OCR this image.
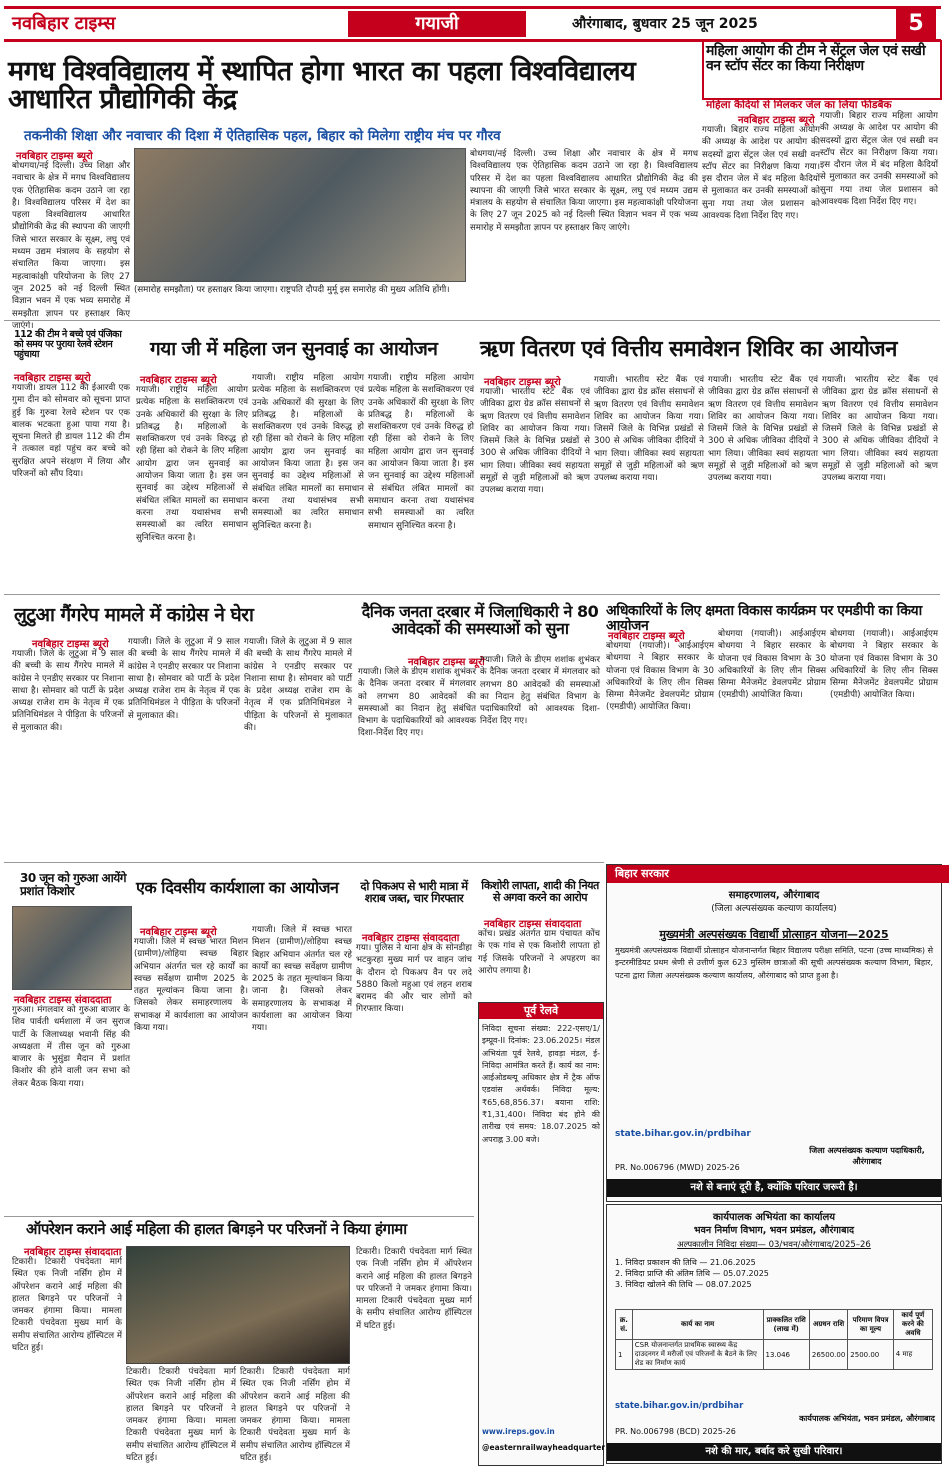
नवबिहार टाइम्स	गयाजी	औरंगाबाद, बुधवार 25 जून 2025	5
मगध विश्वविद्यालय में स्थापित होगा भारत का पहला विश्वविद्यालय आधारित प्रौद्योगिकी केंद्र
तकनीकी शिक्षा और नवाचार की दिशा में ऐतिहासिक पहल, बिहार को मिलेगा राष्ट्रीय मंच पर गौरव
नवबिहार टाइम्स ब्यूरो
बोधगया/नई दिल्ली। उच्च शिक्षा और नवाचार के क्षेत्र में मगध विश्वविद्यालय एक ऐतिहासिक कदम उठाने जा रहा है। विश्वविद्यालय परिसर में देश का पहला विश्वविद्यालय आधारित प्रौद्योगिकी केंद्र की स्थापना की जाएगी जिसे भारत सरकार के सूक्ष्म, लघु एवं मध्यम उद्यम मंत्रालय के सहयोग से संचालित किया जाएगा। इस महत्वाकांक्षी परियोजना के लिए 27 जून 2025 को नई दिल्ली स्थित विज्ञान भवन में एक भव्य समारोह में समझौता ज्ञापन पर हस्ताक्षर किए जाएंगे।
(समारोह समझौता) पर हस्ताक्षर किया जाएगा। राष्ट्रपति दौपदी मुर्मू इस समारोह की मुख्य अतिथि होंगी।
बोधगया/नई दिल्ली। उच्च शिक्षा और नवाचार के क्षेत्र में मगध विश्वविद्यालय एक ऐतिहासिक कदम उठाने जा रहा है। विश्वविद्यालय परिसर में देश का पहला विश्वविद्यालय आधारित प्रौद्योगिकी केंद्र की स्थापना की जाएगी जिसे भारत सरकार के सूक्ष्म, लघु एवं मध्यम उद्यम मंत्रालय के सहयोग से संचालित किया जाएगा। इस महत्वाकांक्षी परियोजना के लिए 27 जून 2025 को नई दिल्ली स्थित विज्ञान भवन में एक भव्य समारोह में समझौता ज्ञापन पर हस्ताक्षर किए जाएंगे।
महिला आयोग की टीम ने सेंट्रल जेल एवं सखी वन स्टॉप सेंटर का किया निरीक्षण
महिला कैदियों से मिलकर जेल का लिया फीडबैक
नवबिहार टाइम्स ब्यूरो
गयाजी। बिहार राज्य महिला आयोग की अध्यक्ष के आदेश पर आयोग की सदस्यों द्वारा सेंट्रल जेल एवं सखी वन स्टॉप सेंटर का निरीक्षण किया गया। इस दौरान जेल में बंद महिला कैदियों से मुलाकात कर उनकी समस्याओं को सुना गया तथा जेल प्रशासन को आवश्यक दिशा निर्देश दिए गए।
गयाजी। बिहार राज्य महिला आयोग की अध्यक्ष के आदेश पर आयोग की सदस्यों द्वारा सेंट्रल जेल एवं सखी वन स्टॉप सेंटर का निरीक्षण किया गया। इस दौरान जेल में बंद महिला कैदियों से मुलाकात कर उनकी समस्याओं को सुना गया तथा जेल प्रशासन को आवश्यक दिशा निर्देश दिए गए।
112 की टीम ने बच्चे एवं पंजिका को समय पर पुराया रेलवे स्टेशन पहुंचाया
नवबिहार टाइम्स ब्यूरो
गयाजी। डायल 112 की ईआरवी एक गुमा दीन को सोमवार को सूचना प्राप्त हुई कि गुरुवा रेलवे स्टेशन पर एक बालक भटकता हुआ पाया गया है। सूचना मिलते ही डायल 112 की टीम ने तत्काल वहां पहुंच कर बच्चे को सुरक्षित अपने संरक्षण में लिया और परिजनों को सौंप दिया।
गया जी में महिला जन सुनवाई का आयोजन
नवबिहार टाइम्स ब्यूरो
गयाजी। राष्ट्रीय महिला आयोग प्रत्येक महिला के सशक्तिकरण एवं उनके अधिकारों की सुरक्षा के लिए प्रतिबद्ध है। महिलाओं के सशक्तिकरण एवं उनके विरुद्ध हो रही हिंसा को रोकने के लिए महिला आयोग द्वारा जन सुनवाई का आयोजन किया जाता है। इस जन सुनवाई का उद्देश्य महिलाओं से संबंधित लंबित मामलों का समाधान करना तथा यथासंभव सभी समस्याओं का त्वरित समाधान सुनिश्चित करना है।
गयाजी। राष्ट्रीय महिला आयोग प्रत्येक महिला के सशक्तिकरण एवं उनके अधिकारों की सुरक्षा के लिए प्रतिबद्ध है। महिलाओं के सशक्तिकरण एवं उनके विरुद्ध हो रही हिंसा को रोकने के लिए महिला आयोग द्वारा जन सुनवाई का आयोजन किया जाता है। इस जन सुनवाई का उद्देश्य महिलाओं से संबंधित लंबित मामलों का समाधान करना तथा यथासंभव सभी समस्याओं का त्वरित समाधान सुनिश्चित करना है।
गयाजी। राष्ट्रीय महिला आयोग प्रत्येक महिला के सशक्तिकरण एवं उनके अधिकारों की सुरक्षा के लिए प्रतिबद्ध है। महिलाओं के सशक्तिकरण एवं उनके विरुद्ध हो रही हिंसा को रोकने के लिए महिला आयोग द्वारा जन सुनवाई का आयोजन किया जाता है। इस जन सुनवाई का उद्देश्य महिलाओं से संबंधित लंबित मामलों का समाधान करना तथा यथासंभव सभी समस्याओं का त्वरित समाधान सुनिश्चित करना है।
ऋण वितरण एवं वित्तीय समावेशन शिविर का आयोजन
नवबिहार टाइम्स ब्यूरो
गयाजी। भारतीय स्टेट बैंक एवं जीविका द्वारा ग्रेड क्रॉस संसाधनों से ऋण वितरण एवं वित्तीय समावेशन शिविर का आयोजन किया गया। जिसमें जिले के विभिन्न प्रखंडों से 300 से अधिक जीविका दीदियों ने भाग लिया। जीविका स्वयं सहायता समूहों से जुड़ी महिलाओं को ऋण उपलब्ध कराया गया।
गयाजी। भारतीय स्टेट बैंक एवं जीविका द्वारा ग्रेड क्रॉस संसाधनों से ऋण वितरण एवं वित्तीय समावेशन शिविर का आयोजन किया गया। जिसमें जिले के विभिन्न प्रखंडों से 300 से अधिक जीविका दीदियों ने भाग लिया। जीविका स्वयं सहायता समूहों से जुड़ी महिलाओं को ऋण उपलब्ध कराया गया।
गयाजी। भारतीय स्टेट बैंक एवं जीविका द्वारा ग्रेड क्रॉस संसाधनों से ऋण वितरण एवं वित्तीय समावेशन शिविर का आयोजन किया गया। जिसमें जिले के विभिन्न प्रखंडों से 300 से अधिक जीविका दीदियों ने भाग लिया। जीविका स्वयं सहायता समूहों से जुड़ी महिलाओं को ऋण उपलब्ध कराया गया।
गयाजी। भारतीय स्टेट बैंक एवं जीविका द्वारा ग्रेड क्रॉस संसाधनों से ऋण वितरण एवं वित्तीय समावेशन शिविर का आयोजन किया गया। जिसमें जिले के विभिन्न प्रखंडों से 300 से अधिक जीविका दीदियों ने भाग लिया। जीविका स्वयं सहायता समूहों से जुड़ी महिलाओं को ऋण उपलब्ध कराया गया।
लुटुआ गैंगरेप मामले में कांग्रेस ने घेरा
नवबिहार टाइम्स ब्यूरो
गयाजी। जिले के लुटुआ में 9 साल की बच्ची के साथ गैंगरेप मामले में कांग्रेस ने एनडीए सरकार पर निशाना साधा है। सोमवार को पार्टी के प्रदेश अध्यक्ष राजेश राम के नेतृत्व में एक प्रतिनिधिमंडल ने पीड़िता के परिजनों से मुलाकात की।
गयाजी। जिले के लुटुआ में 9 साल की बच्ची के साथ गैंगरेप मामले में कांग्रेस ने एनडीए सरकार पर निशाना साधा है। सोमवार को पार्टी के प्रदेश अध्यक्ष राजेश राम के नेतृत्व में एक प्रतिनिधिमंडल ने पीड़िता के परिजनों से मुलाकात की।
गयाजी। जिले के लुटुआ में 9 साल की बच्ची के साथ गैंगरेप मामले में कांग्रेस ने एनडीए सरकार पर निशाना साधा है। सोमवार को पार्टी के प्रदेश अध्यक्ष राजेश राम के नेतृत्व में एक प्रतिनिधिमंडल ने पीड़िता के परिजनों से मुलाकात की।
दैनिक जनता दरबार में जिलाधिकारी ने 80 आवेदकों की समस्याओं को सुना
नवबिहार टाइम्स ब्यूरो
गयाजी। जिले के डीएम शशांक शुभंकर के दैनिक जनता दरबार में मंगलवार को लगभग 80 आवेदकों की समस्याओं का निदान हेतु संबंधित विभाग के पदाधिकारियों को आवश्यक दिशा-निर्देश दिए गए।
गयाजी। जिले के डीएम शशांक शुभंकर के दैनिक जनता दरबार में मंगलवार को लगभग 80 आवेदकों की समस्याओं का निदान हेतु संबंधित विभाग के पदाधिकारियों को आवश्यक दिशा-निर्देश दिए गए।
अधिकारियों के लिए क्षमता विकास कार्यक्रम पर एमडीपी का किया आयोजन
नवबिहार टाइम्स ब्यूरो
बोधगया (गयाजी)। आईआईएम बोधगया ने बिहार सरकार के योजना एवं विकास विभाग के 30 अधिकारियों के लिए लीन सिक्स सिग्मा मैनेजमेंट डेवलपमेंट प्रोग्राम (एमडीपी) आयोजित किया।
बोधगया (गयाजी)। आईआईएम बोधगया ने बिहार सरकार के योजना एवं विकास विभाग के 30 अधिकारियों के लिए लीन सिक्स सिग्मा मैनेजमेंट डेवलपमेंट प्रोग्राम (एमडीपी) आयोजित किया।
बोधगया (गयाजी)। आईआईएम बोधगया ने बिहार सरकार के योजना एवं विकास विभाग के 30 अधिकारियों के लिए लीन सिक्स सिग्मा मैनेजमेंट डेवलपमेंट प्रोग्राम (एमडीपी) आयोजित किया।
30 जून को गुरुआ आयेंगे प्रशांत किशोर
नवबिहार टाइम्स संवाददाता
गुरुआ। मंगलवार को गुरुआ बाजार के शिव पार्वती धर्मशाला में जन सुराज पार्टी के जिलाध्यक्ष भवानी सिंह की अध्यक्षता में तीस जून को गुरुआ बाजार के भुसुंडा मैदान में प्रशांत किशोर की होने वाली जन सभा को लेकर बैठक किया गया।
एक दिवसीय कार्यशाला का आयोजन
नवबिहार टाइम्स ब्यूरो
गयाजी। जिले में स्वच्छ भारत मिशन (ग्रामीण)/लोहिया स्वच्छ बिहार अभियान अंतर्गत चल रहे कार्यों का स्वच्छ सर्वेक्षण ग्रामीण 2025 के तहत मूल्यांकन किया जाना है। जिसको लेकर समाहरणालय के सभाकक्ष में कार्यशाला का आयोजन किया गया।
गयाजी। जिले में स्वच्छ भारत मिशन (ग्रामीण)/लोहिया स्वच्छ बिहार अभियान अंतर्गत चल रहे कार्यों का स्वच्छ सर्वेक्षण ग्रामीण 2025 के तहत मूल्यांकन किया जाना है। जिसको लेकर समाहरणालय के सभाकक्ष में कार्यशाला का आयोजन किया गया।
दो पिकअप से भारी मात्रा में शराब जब्त, चार गिरफ्तार
नवबिहार टाइम्स संवाददाता
गया। पुलिस ने थाना क्षेत्र के सोनडीहा भटकुरहा मुख्य मार्ग पर वाहन जांच के दौरान दो पिकअप वैन पर लदे 5880 किलो महुआ एवं लहन शराब बरामद की और चार लोगों को गिरफ्तार किया।
किशोरी लापता, शादी की नियत से अगवा करने का आरोप
नवबिहार टाइम्स संवाददाता
कोंच। प्रखंड अंतर्गत ग्राम पंचायत कोंच के एक गांव से एक किशोरी लापता हो गई जिसके परिजनों ने अपहरण का आरोप लगाया है।
पूर्व रेलवे
निविदा सूचना संख्या: 222-एसए/1/इम्प्रूव-II दिनांक: 23.06.2025। मंडल अभियंता पूर्व रेलवे, हावड़ा मंडल, ई-निविदा आमंत्रित करते हैं। कार्य का नाम: आईओडब्ल्यू अधिकार क्षेत्र में ट्रैक ऑफ एडवांस अर्थवर्क। निविदा मूल्य: ₹65,68,856.37। बयाना राशि: ₹1,31,400। निविदा बंद होने की तारीख एवं समय: 18.07.2025 को अपराह्न 3.00 बजे।
www.ireps.gov.in
@easternrailwayheadquarter
ऑपरेशन कराने आई महिला की हालत बिगड़ने पर परिजनों ने किया हंगामा
नवबिहार टाइम्स संवाददाता
टिकारी। टिकारी पंचदेवता मार्ग स्थित एक निजी नर्सिंग होम में ऑपरेशन कराने आई महिला की हालत बिगड़ने पर परिजनों ने जमकर हंगामा किया। मामला टिकारी पंचदेवता मुख्य मार्ग के समीप संचालित आरोग्य हॉस्पिटल में घटित हुई।
टिकारी। टिकारी पंचदेवता मार्ग स्थित एक निजी नर्सिंग होम में ऑपरेशन कराने आई महिला की हालत बिगड़ने पर परिजनों ने जमकर हंगामा किया। मामला टिकारी पंचदेवता मुख्य मार्ग के समीप संचालित आरोग्य हॉस्पिटल में घटित हुई।
टिकारी। टिकारी पंचदेवता मार्ग स्थित एक निजी नर्सिंग होम में ऑपरेशन कराने आई महिला की हालत बिगड़ने पर परिजनों ने जमकर हंगामा किया। मामला टिकारी पंचदेवता मुख्य मार्ग के समीप संचालित आरोग्य हॉस्पिटल में घटित हुई।
टिकारी। टिकारी पंचदेवता मार्ग स्थित एक निजी नर्सिंग होम में ऑपरेशन कराने आई महिला की हालत बिगड़ने पर परिजनों ने जमकर हंगामा किया। मामला टिकारी पंचदेवता मुख्य मार्ग के समीप संचालित आरोग्य हॉस्पिटल में घटित हुई।
बिहार सरकार
समाहरणालय, औरंगाबाद
(जिला अल्पसंख्यक कल्याण कार्यालय)
मुख्यमंत्री अल्पसंख्यक विद्यार्थी प्रोत्साहन योजना—2025
मुख्यमंत्री अल्पसंख्यक विद्यार्थी प्रोत्साहन योजनान्तर्गत बिहार विद्यालय परीक्षा समिति, पटना (उच्च माध्यमिक) से इन्टरमीडियट प्रथम श्रेणी से उत्तीर्ण कुल 623 मुस्लिम छात्राओं की सूची अल्पसंख्यक कल्याण विभाग, बिहार, पटना द्वारा जिला अल्पसंख्यक कल्याण कार्यालय, औरंगाबाद को प्राप्त हुआ है।
state.bihar.gov.in/prdbihar
जिला अल्पसंख्यक कल्याण पदाधिकारी, औरंगाबाद
PR. No.006796 (MWD) 2025-26
नशे से बनाएं दूरी है, क्योंकि परिवार जरूरी है।
कार्यपालक अभियंता का कार्यालय
भवन निर्माण विभाग, भवन प्रमंडल, औरंगाबाद
अल्पकालीन निविदा संख्या— 03/भवन/औरंगाबाद/2025–26
1. निविदा प्रकाशन की तिथि — 21.06.2025
2. निविदा प्राप्ति की अंतिम तिथि — 05.07.2025
3. निविदा खोलने की तिथि — 08.07.2025
क्र. सं.	कार्य का नाम	प्राक्कलित राशि (लाख में)	अग्रधन राशि	परिमाण विपत्र का मूल्य	कार्य पूर्ण करने की अवधि
1	CSR योजनान्तर्गत प्राथमिक स्वास्थ्य केंद्र दाउदनगर में मरीजों एवं परिजनों के बैठने के लिए शेड का निर्माण कार्य	13.046	26500.00	2500.00	4 माह
state.bihar.gov.in/prdbihar
कार्यपालक अभियंता, भवन प्रमंडल, औरंगाबाद
PR. No.006798 (BCD) 2025-26
नशे की मार, बर्बाद करे सुखी परिवार।
